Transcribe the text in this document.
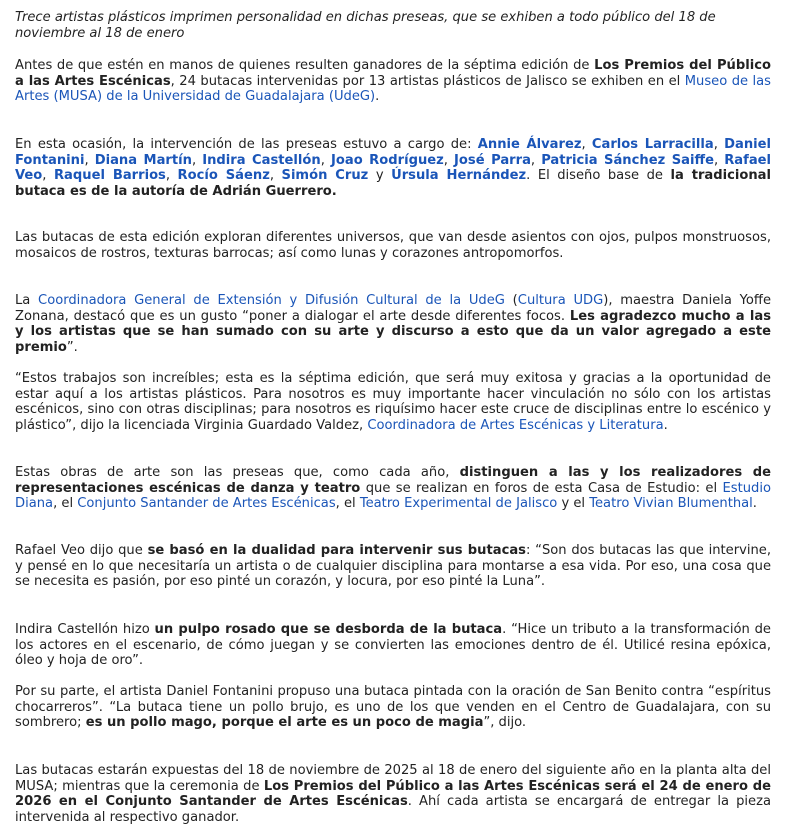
Trece artistas plásticos imprimen personalidad en dichas preseas, que se exhiben a todo público del 18 de noviembre al 18 de enero

Antes de que estén en manos de quienes resulten ganadores de la séptima edición de Los Premios del Público a las Artes Escénicas, 24 butacas intervenidas por 13 artistas plásticos de Jalisco se exhiben en el Museo de las Artes (MUSA) de la Universidad de Guadalajara (UdeG).

En esta ocasión, la intervención de las preseas estuvo a cargo de: Annie Álvarez, Carlos Larracilla, Daniel Fontanini, Diana Martín, Indira Castellón, Joao Rodríguez, José Parra, Patricia Sánchez Saiffe, Rafael Veo, Raquel Barrios, Rocío Sáenz, Simón Cruz y Úrsula Hernández. El diseño base de la tradicional butaca es de la autoría de Adrián Guerrero.

Las butacas de esta edición exploran diferentes universos, que van desde asientos con ojos, pulpos monstruosos, mosaicos de rostros, texturas barrocas; así como lunas y corazones antropomorfos.

La Coordinadora General de Extensión y Difusión Cultural de la UdeG (Cultura UDG), maestra Daniela Yoffe Zonana, destacó que es un gusto “poner a dialogar el arte desde diferentes focos. Les agradezco mucho a las y los artistas que se han sumado con su arte y discurso a esto que da un valor agregado a este premio”.

“Estos trabajos son increíbles; esta es la séptima edición, que será muy exitosa y gracias a la oportunidad de estar aquí a los artistas plásticos. Para nosotros es muy importante hacer vinculación no sólo con los artistas escénicos, sino con otras disciplinas; para nosotros es riquísimo hacer este cruce de disciplinas entre lo escénico y plástico”, dijo la licenciada Virginia Guardado Valdez, Coordinadora de Artes Escénicas y Literatura.

Estas obras de arte son las preseas que, como cada año, distinguen a las y los realizadores de representaciones escénicas de danza y teatro que se realizan en foros de esta Casa de Estudio: el Estudio Diana, el Conjunto Santander de Artes Escénicas, el Teatro Experimental de Jalisco y el Teatro Vivian Blumenthal.

Rafael Veo dijo que se basó en la dualidad para intervenir sus butacas: “Son dos butacas las que intervine, y pensé en lo que necesitaría un artista o de cualquier disciplina para montarse a esa vida. Por eso, una cosa que se necesita es pasión, por eso pinté un corazón, y locura, por eso pinté la Luna”.

Indira Castellón hizo un pulpo rosado que se desborda de la butaca. “Hice un tributo a la transformación de los actores en el escenario, de cómo juegan y se convierten las emociones dentro de él. Utilicé resina epóxica, óleo y hoja de oro”.

Por su parte, el artista Daniel Fontanini propuso una butaca pintada con la oración de San Benito contra “espíritus chocarreros”. “La butaca tiene un pollo brujo, es uno de los que venden en el Centro de Guadalajara, con su sombrero; es un pollo mago, porque el arte es un poco de magia”, dijo.

Las butacas estarán expuestas del 18 de noviembre de 2025 al 18 de enero del siguiente año en la planta alta del MUSA; mientras que la ceremonia de Los Premios del Público a las Artes Escénicas será el 24 de enero de 2026 en el Conjunto Santander de Artes Escénicas. Ahí cada artista se encargará de entregar la pieza intervenida al respectivo ganador.
